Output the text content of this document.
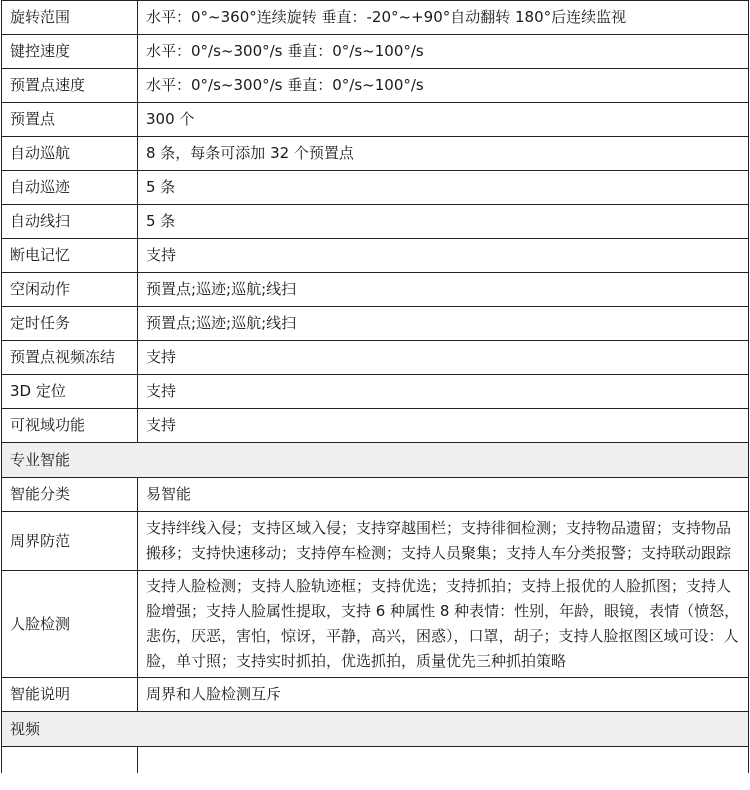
旋转范围	水平：0°~360°连续旋转 垂直：-20°~+90°自动翻转 180°后连续监视
键控速度	水平：0°/s~300°/s 垂直：0°/s~100°/s
预置点速度	水平：0°/s~300°/s 垂直：0°/s~100°/s
预置点	300 个
自动巡航	8 条，每条可添加 32 个预置点
自动巡迹	5 条
自动线扫	5 条
断电记忆	支持
空闲动作	预置点;巡迹;巡航;线扫
定时任务	预置点;巡迹;巡航;线扫
预置点视频冻结	支持
3D 定位	支持
可视域功能	支持
专业智能	
智能分类	易智能
周界防范	支持绊线入侵；支持区域入侵；支持穿越围栏；支持徘徊检测；支持物品遗留；支持物品搬移；支持快速移动；支持停车检测；支持人员聚集；支持人车分类报警；支持联动跟踪
人脸检测	支持人脸检测；支持人脸轨迹框；支持优选；支持抓拍；支持上报优的人脸抓图；支持人脸增强；支持人脸属性提取，支持 6 种属性 8 种表情：性别，年龄，眼镜，表情（愤怒，悲伤，厌恶，害怕，惊讶，平静，高兴，困惑），口罩，胡子；支持人脸抠图区域可设：人脸，单寸照；支持实时抓拍，优选抓拍，质量优先三种抓拍策略
智能说明	周界和人脸检测互斥
视频	
